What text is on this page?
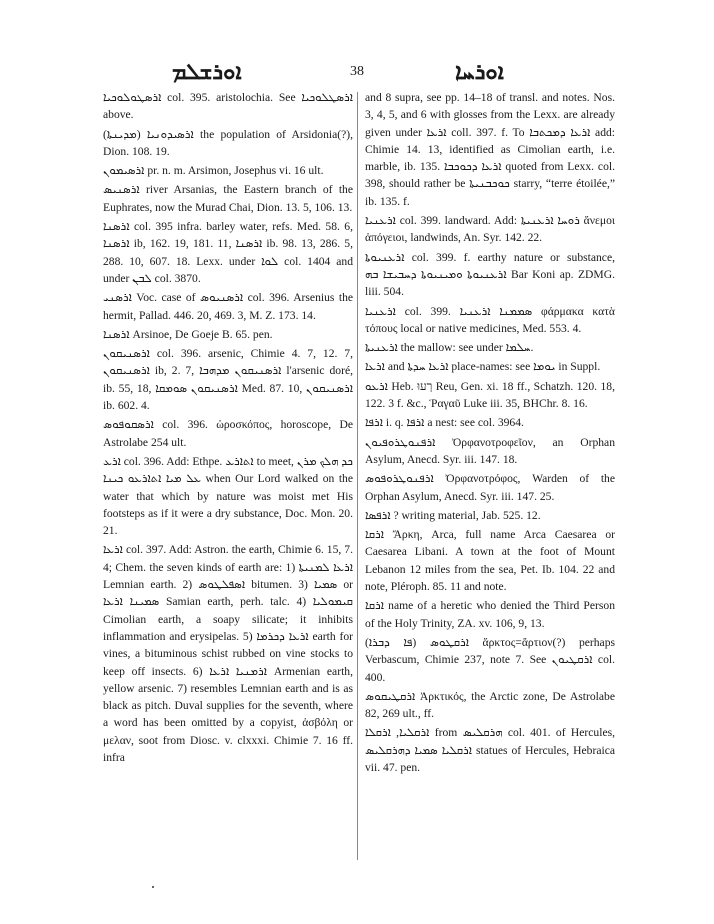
ܐܘܪܫܠܡ	38	ܐܘܪܚܐ

ܐܪܣܛܘܠܘܟܝܐ col. 395. aristolochia. See ܐܪܣܛܠܘܟܝܐ above.

ܐܪܣܝܕܘܢܝܐ (ܡܕܝܢܬܐ) the population of Arsidonia(?), Dion. 108. 19.

ܐܪܣܝܡܘܢ pr. n. m. Arsimon, Josephus vi. 16 ult.

ܐܪܣܢܝܣ river Arsanias, the Eastern branch of the Euphrates, now the Murad Chai, Dion. 13. 5, 106. 13.

ܐܪܣܢܐ col. 395 infra. barley water, refs. Med. 58. 6, ܐܪܣܢܐ ib, 162. 19, 181. 11, ܐܪܣܢܐ ib. 98. 13, 286. 5, 288. 10, 607. 18. Lexx. under ܠܘܐ col. 1404 and under ܠܒܢ col. 3870.

ܐܪܣܢܝ Voc. case of ܐܪܣܢܝܘܣ col. 396. Arsenius the hermit, Pallad. 446. 20, 469. 3, M. Z. 173. 14.

ܐܪܣܢܐ Arsinoe, De Goeje B. 65. pen.

ܐܪܣܢܝܩܘܢ col. 396. arsenic, Chimie 4. 7, 12. 7, ܐܪܣܢܝܩܘܢ ib, 2. 7, ܐܪܣܢܝܩܘܢ ܡܕܗܒܐ l'arsenic doré, ib. 55, 18, ܐܪܣܢܝܩܘܢ ܣܘܡܩܐ Med. 87. 10, ܐܪܣܢܝܩܘܢ ib. 602. 4.

ܐܪܣܩܘܦܘܣ col. 396. ὡροσκόπος, horoscope, De Astrolabe 254 ult.

ܐܪܥ col. 396. Add: Ethpe. ܐܬܐܪܥ to meet, ܟܕ ܗܠܟ ܡܪܢ ܥܠ ܡܝܐ ܐܬܐܪܥܘ ܟܝܢܐ when Our Lord walked on the water that which by nature was moist met His footsteps as if it were a dry substance, Doc. Mon. 20. 21.

ܐܪܥܐ col. 397. Add: Astron. the earth, Chimie 6. 15, 7. 4; Chem. the seven kinds of earth are: 1) ܐܪܥܐ ܠܡܢܝܬܐ Lemnian earth. 2) ܐܣܦܠܛܘܣ bitumen. 3) ܣܡܝܐ or ܣܡܝܢܐ ܐܪܥܐ Samian earth, perh. talc. 4) ܩܝܡܘܠܝܐ Cimolian earth, a soapy silicate; it inhibits inflammation and erysipelas. 5) ܐܪܥܐ ܕܟܪܡܐ earth for vines, a bituminous schist rubbed on vine stocks to keep off insects. 6) ܐܪܡܢܝܐ ܐܪܥܐ Armenian earth, yellow arsenic. 7) resembles Lemnian earth and is as black as pitch. Duval supplies for the seventh, where a word has been omitted by a copyist, ἀσβόλη or μελαν, soot from Diosc. v. clxxxi. Chimie 7. 16 ff. infra

and 8 supra, see pp. 14–18 of transl. and notes. Nos. 3, 4, 5, and 6 with glosses from the Lexx. are already given under ܐܪܥܐ coll. 397. f. To ܐܪܥܐ ܕܡܟܬܒܐ add: Chimie 14. 13, identified as Cimolian earth, i.e. marble, ib. 135. ܐܪܥܐ ܕܟܘܟܒܐ quoted from Lexx. col. 398, should rather be ܟܘܟܒܢܝܬܐ starry, “terre étoilée,” ib. 135. f.

ܐܪܥܢܝܐ col. 399. landward. Add: ܪܘܚܐ ܐܪܥܢܝܬܐ ἄνεμοι ἀπόγειοι, landwinds, An. Syr. 142. 22.

ܐܪܥܢܝܘܬܐ col. 399. f. earthy nature or substance, ܐܪܥܢܝܘܬܐ ܘܡܝܢܝܘܬܐ ܕܚܒܝܫܐ ܒܗ Bar Koni ap. ZDMG. liii. 504.

ܐܪܥܢܝܐ col. 399. ܣܡܡܢܐ ܐܪܥܢܝܐ φάρμακα κατὰ τόπους local or native medicines, Med. 553. 4.

ܐܪܥܢܝܬܐ the mallow: see under ܚܠܡܐ.

ܐܪܥܐ and ܐܪܥܐ ܚܕܬܐ place-names: see ܝܘܡܐ in Suppl.

ܐܪܥܘ Heb. רְעוּ Reu, Gen. xi. 18 ff., Schatzh. 120. 18, 122. 3 f. &c., Ῥαγαῦ Luke iii. 35, BHChr. 8. 16.

ܐܪܦܐ i. q. ܐܪܦܐ a nest: see col. 3964.

ܐܪܦܢܘܛܪܘܦܝܘܢ Ὀρφανοτροφεῖον, an Orphan Asylum, Anecd. Syr. iii. 147. 18.

ܐܪܦܢܘܛܪܘܦܘܣ Ὀρφανοτρόφος, Warden of the Orphan Asylum, Anecd. Syr. iii. 147. 25.

ܐܪܦܣܐ ? writing material, Jab. 525. 12.

ܐܪܩܐ Ἄρκη, Arca, full name Arca Caesarea or Caesarea Libani. A town at the foot of Mount Lebanon 12 miles from the sea, Pet. Ib. 104. 22 and note, Pléroph. 85. 11 and note.

ܐܪܩܐ name of a heretic who denied the Third Person of the Holy Trinity, ZA. xv. 106, 9, 13.

ܐܪܩܛܘܣ (ܦܐ ܕܒܪܐ) ἄρκτος=ἄρτιον(?) perhaps Verbascum, Chimie 237, note 7. See ܐܪܩܛܝܘܢ col. 400.

ܐܪܩܛܝܩܘܣ Ἀρκτικός, the Arctic zone, De Astrolabe 82, 269 ult., ff.

ܐܪܩܠܝܐ, ܐܪܩܠܐ from ܗܪܩܠܝܣ col. 401. of Hercules, ܐܪܩܠܝܐ ܣܡܝܐ ܕܗܪܩܠܝܣ statues of Hercules, Hebraica vii. 47. pen.
